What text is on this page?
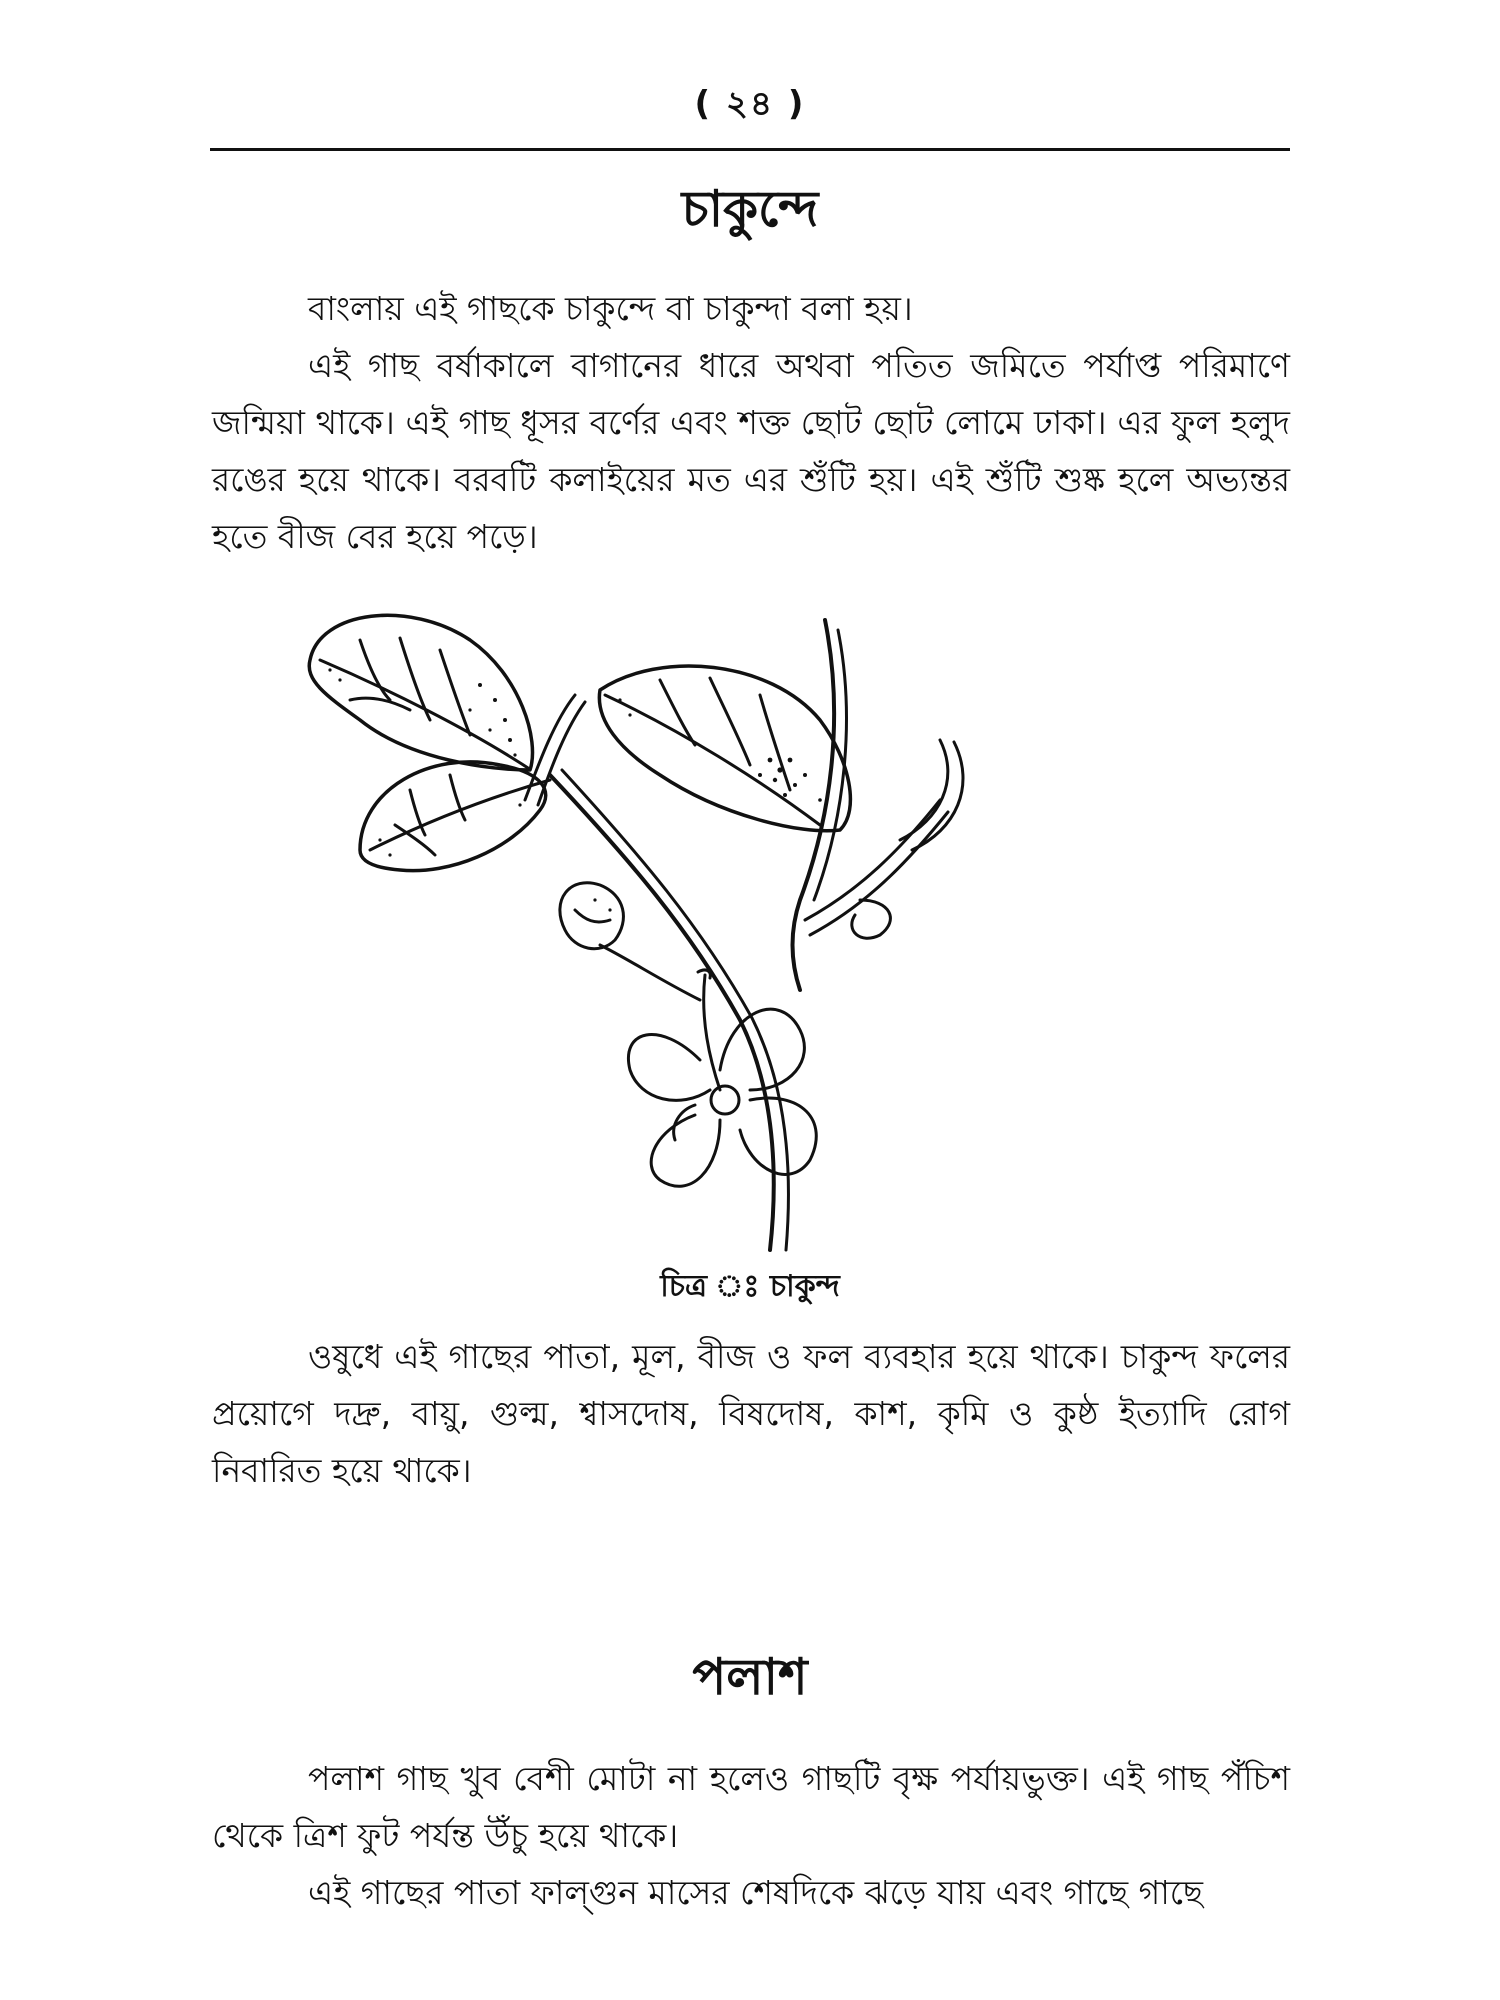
( ২৪ )
চাকুন্দে

বাংলায় এই গাছকে চাকুন্দে বা চাকুন্দা বলা হয়।

এই গাছ বর্ষাকালে বাগানের ধারে অথবা পতিত জমিতে পর্যাপ্ত পরিমাণে জন্মিয়া থাকে। এই গাছ ধূসর বর্ণের এবং শক্ত ছোট ছোট লোমে ঢাকা। এর ফুল হলুদ রঙের হয়ে থাকে। বরবটি কলাইয়ের মত এর শুঁটি হয়। এই শুঁটি শুষ্ক হলে অভ্যন্তর হতে বীজ বের হয়ে পড়ে।

চিত্র ঃ চাকুন্দ

ওষুধে এই গাছের পাতা, মূল, বীজ ও ফল ব্যবহার হয়ে থাকে। চাকুন্দ ফলের প্রয়োগে দদ্রু, বায়ু, গুল্ম, শ্বাসদোষ, বিষদোষ, কাশ, কৃমি ও কুষ্ঠ ইত্যাদি রোগ নিবারিত হয়ে থাকে।

পলাশ

পলাশ গাছ খুব বেশী মোটা না হলেও গাছটি বৃক্ষ পর্যায়ভুক্ত। এই গাছ পঁচিশ থেকে ত্রিশ ফুট পর্যন্ত উঁচু হয়ে থাকে।

এই গাছের পাতা ফাল্গুন মাসের শেষদিকে ঝড়ে যায় এবং গাছে গাছে
